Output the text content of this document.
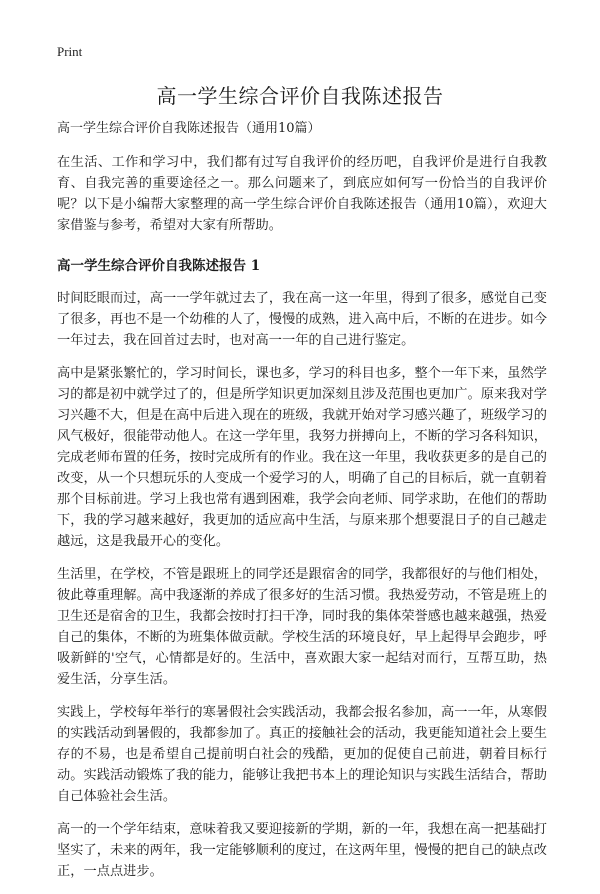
Print
高一学生综合评价自我陈述报告

高一学生综合评价自我陈述报告（通用10篇）

在生活、工作和学习中，我们都有过写自我评价的经历吧，自我评价是进行自我教育、自我完善的重要途径之一。那么问题来了，到底应如何写一份恰当的自我评价呢？以下是小编帮大家整理的高一学生综合评价自我陈述报告（通用10篇），欢迎大家借鉴与参考，希望对大家有所帮助。

高一学生综合评价自我陈述报告 1

时间眨眼而过，高一一学年就过去了，我在高一这一年里，得到了很多，感觉自己变了很多，再也不是一个幼稚的人了，慢慢的成熟，进入高中后，不断的在进步。如今一年过去，我在回首过去时，也对高一一年的自己进行鉴定。

高中是紧张繁忙的，学习时间长，课也多，学习的科目也多，整个一年下来，虽然学习的都是初中就学过了的，但是所学知识更加深刻且涉及范围也更加广。原来我对学习兴趣不大，但是在高中后进入现在的班级，我就开始对学习感兴趣了，班级学习的风气极好，很能带动他人。在这一学年里，我努力拼搏向上，不断的学习各科知识，完成老师布置的任务，按时完成所有的作业。我在这一年里，我收获更多的是自己的改变，从一个只想玩乐的人变成一个爱学习的人，明确了自己的目标后，就一直朝着那个目标前进。学习上我也常有遇到困难，我学会向老师、同学求助，在他们的帮助下，我的学习越来越好，我更加的适应高中生活，与原来那个想要混日子的自己越走越远，这是我最开心的变化。

生活里，在学校，不管是跟班上的同学还是跟宿舍的同学，我都很好的与他们相处，彼此尊重理解。高中我逐渐的养成了很多好的生活习惯。我热爱劳动，不管是班上的卫生还是宿舍的卫生，我都会按时打扫干净，同时我的集体荣誉感也越来越强，热爱自己的集体，不断的为班集体做贡献。学校生活的环境良好，早上起得早会跑步，呼吸新鲜的'空气，心情都是好的。生活中，喜欢跟大家一起结对而行，互帮互助，热爱生活，分享生活。

实践上，学校每年举行的寒暑假社会实践活动，我都会报名参加，高一一年，从寒假的实践活动到暑假的，我都参加了。真正的接触社会的活动，我更能知道社会上要生存的不易，也是希望自己提前明白社会的残酷，更加的促使自己前进，朝着目标行动。实践活动锻炼了我的能力，能够让我把书本上的理论知识与实践生活结合，帮助自己体验社会生活。

高一的一个学年结束，意味着我又要迎接新的学期，新的一年，我想在高一把基础打坚实了，未来的两年，我一定能够顺利的度过，在这两年里，慢慢的把自己的缺点改正，一点点进步。
